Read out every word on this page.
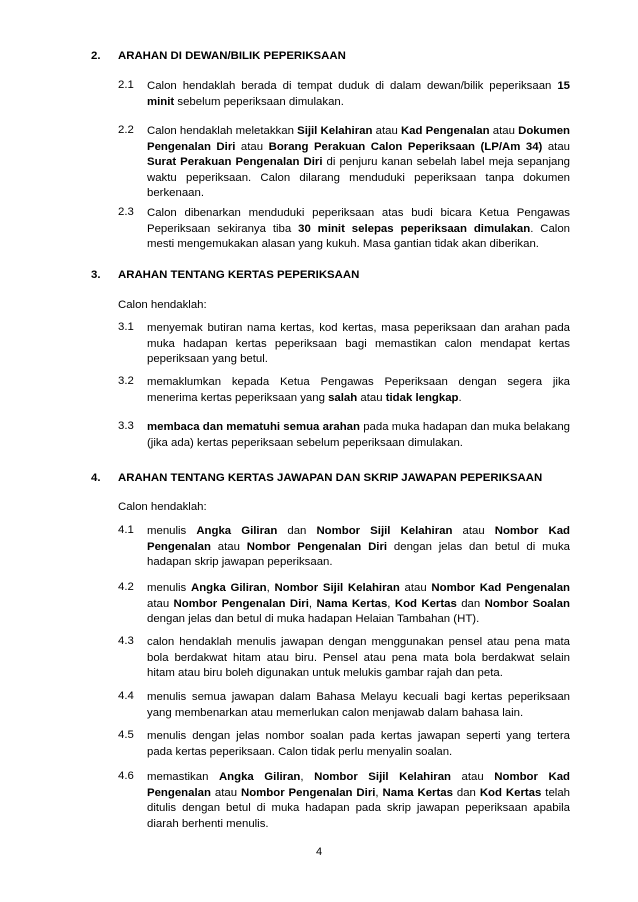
2. ARAHAN DI DEWAN/BILIK PEPERIKSAAN
2.1 Calon hendaklah berada di tempat duduk di dalam dewan/bilik peperiksaan 15 minit sebelum peperiksaan dimulakan.
2.2 Calon hendaklah meletakkan Sijil Kelahiran atau Kad Pengenalan atau Dokumen Pengenalan Diri atau Borang Perakuan Calon Peperiksaan (LP/Am 34) atau Surat Perakuan Pengenalan Diri di penjuru kanan sebelah label meja sepanjang waktu peperiksaan. Calon dilarang menduduki peperiksaan tanpa dokumen berkenaan.
2.3 Calon dibenarkan menduduki peperiksaan atas budi bicara Ketua Pengawas Peperiksaan sekiranya tiba 30 minit selepas peperiksaan dimulakan. Calon mesti mengemukakan alasan yang kukuh. Masa gantian tidak akan diberikan.
3. ARAHAN TENTANG KERTAS PEPERIKSAAN
Calon hendaklah:
3.1 menyemak butiran nama kertas, kod kertas, masa peperiksaan dan arahan pada muka hadapan kertas peperiksaan bagi memastikan calon mendapat kertas peperiksaan yang betul.
3.2 memaklumkan kepada Ketua Pengawas Peperiksaan dengan segera jika menerima kertas peperiksaan yang salah atau tidak lengkap.
3.3 membaca dan mematuhi semua arahan pada muka hadapan dan muka belakang (jika ada) kertas peperiksaan sebelum peperiksaan dimulakan.
4. ARAHAN TENTANG KERTAS JAWAPAN DAN SKRIP JAWAPAN PEPERIKSAAN
Calon hendaklah:
4.1 menulis Angka Giliran dan Nombor Sijil Kelahiran atau Nombor Kad Pengenalan atau Nombor Pengenalan Diri dengan jelas dan betul di muka hadapan skrip jawapan peperiksaan.
4.2 menulis Angka Giliran, Nombor Sijil Kelahiran atau Nombor Kad Pengenalan atau Nombor Pengenalan Diri, Nama Kertas, Kod Kertas dan Nombor Soalan dengan jelas dan betul di muka hadapan Helaian Tambahan (HT).
4.3 calon hendaklah menulis jawapan dengan menggunakan pensel atau pena mata bola berdakwat hitam atau biru. Pensel atau pena mata bola berdakwat selain hitam atau biru boleh digunakan untuk melukis gambar rajah dan peta.
4.4 menulis semua jawapan dalam Bahasa Melayu kecuali bagi kertas peperiksaan yang membenarkan atau memerlukan calon menjawab dalam bahasa lain.
4.5 menulis dengan jelas nombor soalan pada kertas jawapan seperti yang tertera pada kertas peperiksaan. Calon tidak perlu menyalin soalan.
4.6 memastikan Angka Giliran, Nombor Sijil Kelahiran atau Nombor Kad Pengenalan atau Nombor Pengenalan Diri, Nama Kertas dan Kod Kertas telah ditulis dengan betul di muka hadapan pada skrip jawapan peperiksaan apabila diarah berhenti menulis.
4
